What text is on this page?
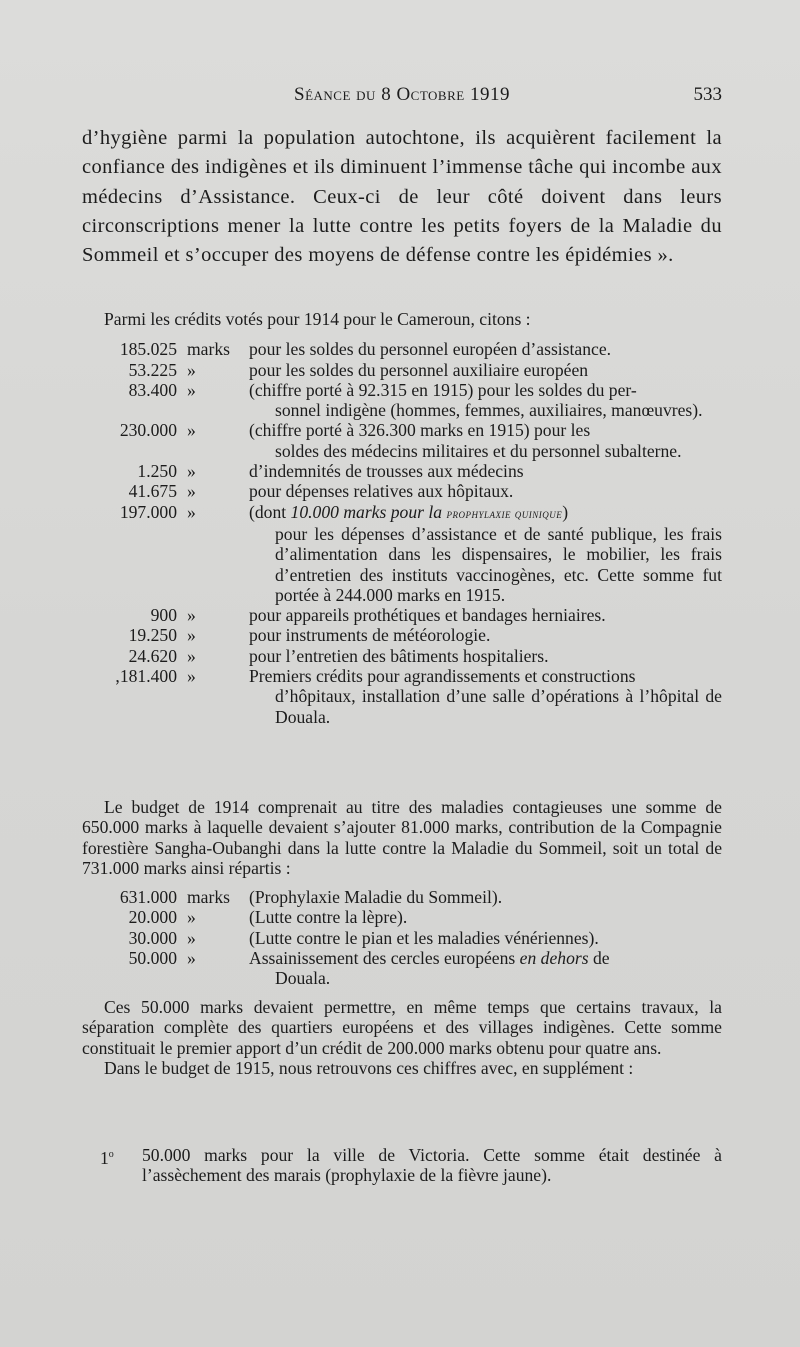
Séance du 8 Octobre 1919	533

d’hygiène parmi la population autochtone, ils acquièrent facilement la confiance des indigènes et ils diminuent l’immense tâche qui incombe aux médecins d’Assistance. Ceux-ci de leur côté doivent dans leurs circonscriptions mener la lutte contre les petits foyers de la Maladie du Sommeil et s’occuper des moyens de défense contre les épidémies ».

Parmi les crédits votés pour 1914 pour le Cameroun, citons :

185.025 marks pour les soldes du personnel européen d’assistance.
53.225 »	pour les soldes du personnel auxiliaire européen
83.400 »	(chiffre porté à 92.315 en 1915) pour les soldes du per-
sonnel indigène (hommes, femmes, auxiliaires, manœuvres).
230.000 »	(chiffre porté à 326.300 marks en 1915) pour les
soldes des médecins militaires et du personnel subalterne.
1.250 »	d’indemnités de trousses aux médecins
41.675 »	pour dépenses relatives aux hôpitaux.
197.000 »	(dont 10.000 marks pour la prophylaxie quinique)
pour les dépenses d’assistance et de santé publique, les frais d’alimentation dans les dispensaires, le mobilier, les frais d’entretien des instituts vaccinogènes, etc. Cette somme fut portée à 244.000 marks en 1915.
900 »	pour appareils prothétiques et bandages herniaires.
19.250 »	pour instruments de météorologie.
24.620 »	pour l’entretien des bâtiments hospitaliers.
,181.400 »	Premiers crédits pour agrandissements et constructions
d’hôpitaux, installation d’une salle d’opérations à l’hôpital de Douala.

Le budget de 1914 comprenait au titre des maladies contagieuses une somme de 650.000 marks à laquelle devaient s’ajouter 81.000 marks, contribution de la Compagnie forestière Sangha-Oubanghi dans la lutte contre la Maladie du Sommeil, soit un total de 731.000 marks ainsi répartis :

631.000 marks (Prophylaxie Maladie du Sommeil).
20.000 »	(Lutte contre la lèpre).
30.000 »	(Lutte contre le pian et les maladies vénériennes).
50.000 »	Assainissement des cercles européens en dehors de
Douala.

Ces 50.000 marks devaient permettre, en même temps que certains travaux, la séparation complète des quartiers européens et des villages indigènes. Cette somme constituait le premier apport d’un crédit de 200.000 marks obtenu pour quatre ans.

Dans le budget de 1915, nous retrouvons ces chiffres avec, en supplément :

1$^o$ 50.000 marks pour la ville de Victoria. Cette somme était destinée à l’assèchement des marais (prophylaxie de la fièvre jaune).
